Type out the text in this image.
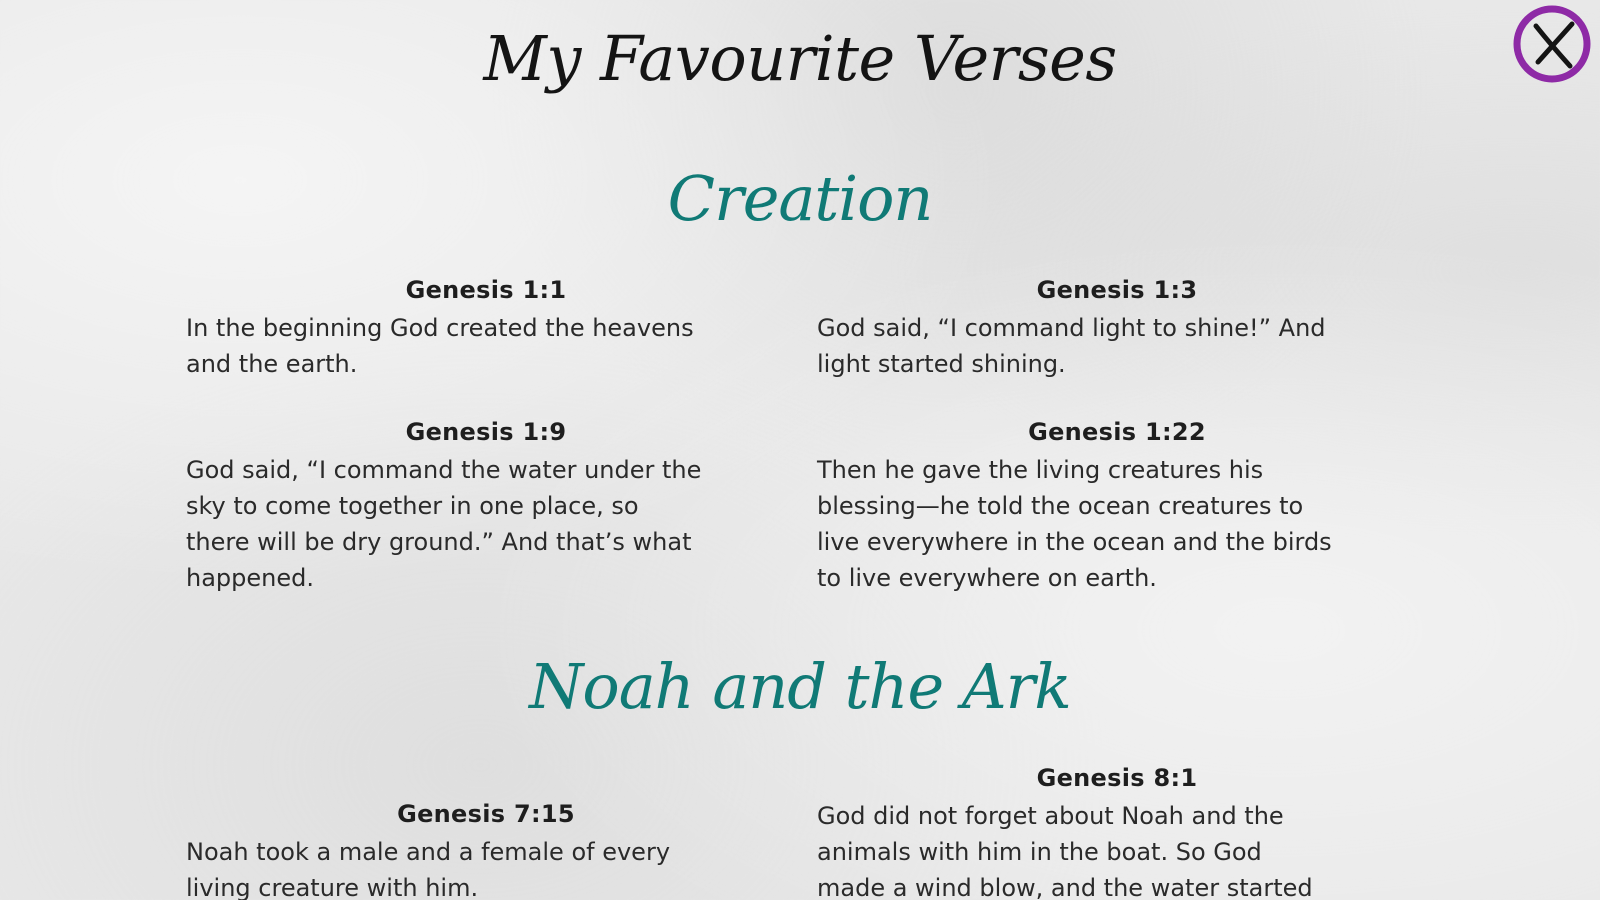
My Favourite Verses
Creation
Genesis 1:1
In the beginning God created the heavens
and the earth.
Genesis 1:3
God said, “I command light to shine!” And
light started shining.
Genesis 1:9
God said, “I command the water under the
sky to come together in one place, so
there will be dry ground.” And that’s what
happened.
Genesis 1:22
Then he gave the living creatures his
blessing—he told the ocean creatures to
live everywhere in the ocean and the birds
to live everywhere on earth.
Noah and the Ark
Genesis 7:15
Noah took a male and a female of every
living creature with him.
Genesis 8:1
God did not forget about Noah and the
animals with him in the boat. So God
made a wind blow, and the water started
